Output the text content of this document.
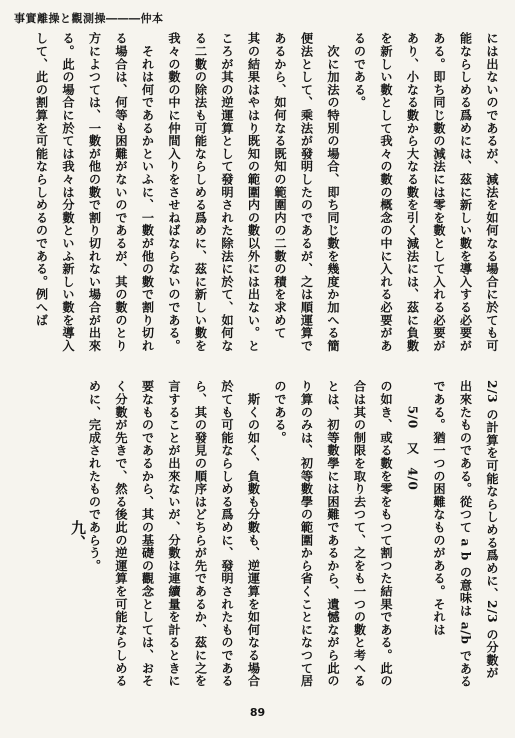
事實離操と觀測操―――仲本
には出ないのであるが、減法を如何なる場合に於ても可
能ならしめる爲めには、茲に新しい數を導入する必要が
ある。即ち同じ數の減法には零を數として入れる必要が
あり、小なる數から大なる數を引く減法には、茲に負數
を新しい數として我々の數の概念の中に入れる必要があ
るのである。
　次に加法の特別の場合、即ち同じ數を幾度か加へる簡
便法として、乘法が發明したのであるが、之は順運算で
あるから、如何なる既知の範圍内の二數の積を求めて
其の結果はやはり既知の範圍内の數以外には出ない。と
ころが其の逆運算として發明された除法に於て、如何な
る二數の除法も可能ならしめる爲めに、茲に新しい數を
我々の數の中に仲間入りをさせねばならないのである。
　それは何であるかといふに、一數が他の數で割り切れ
る場合は、何等も困難がないのであるが、其の數のとり
方によつては、一數が他の數で割り切れない場合が出來
る。此の場合に於ては我々は分數といふ新しい數を導入
して、此の割算を可能ならしめるのである。例へば
2/3 の計算を可能ならしめる爲めに、2/3 の分數が
出來たものである。從つて a b の意味は a/b である
である。猶一つの困難なものがある。それは
　　5/0　又　4/0
の如き、或る數を零をもつて割つた結果である。此の
合は其の制限を取り去つて、之をも一つの數と考へる
とは、初等數學には困難であるから、遺憾ながら此の
り算のみは、初等數學の範圍から省くことになつて居
のである。
　斯くの如く、負數も分數も、逆運算を如何なる場合
於ても可能ならしめる爲めに、發明されたものである
ら、其の發見の順序はどちらが先であるか、茲に之を
言することが出來ないが、分數は連續量を計るときに
要なものであるから、其の基礎の觀念としては、おそ
く分數が先きで、然る後此の逆運算を可能ならしめる
めに、完成されたものであらう。
九、
89
